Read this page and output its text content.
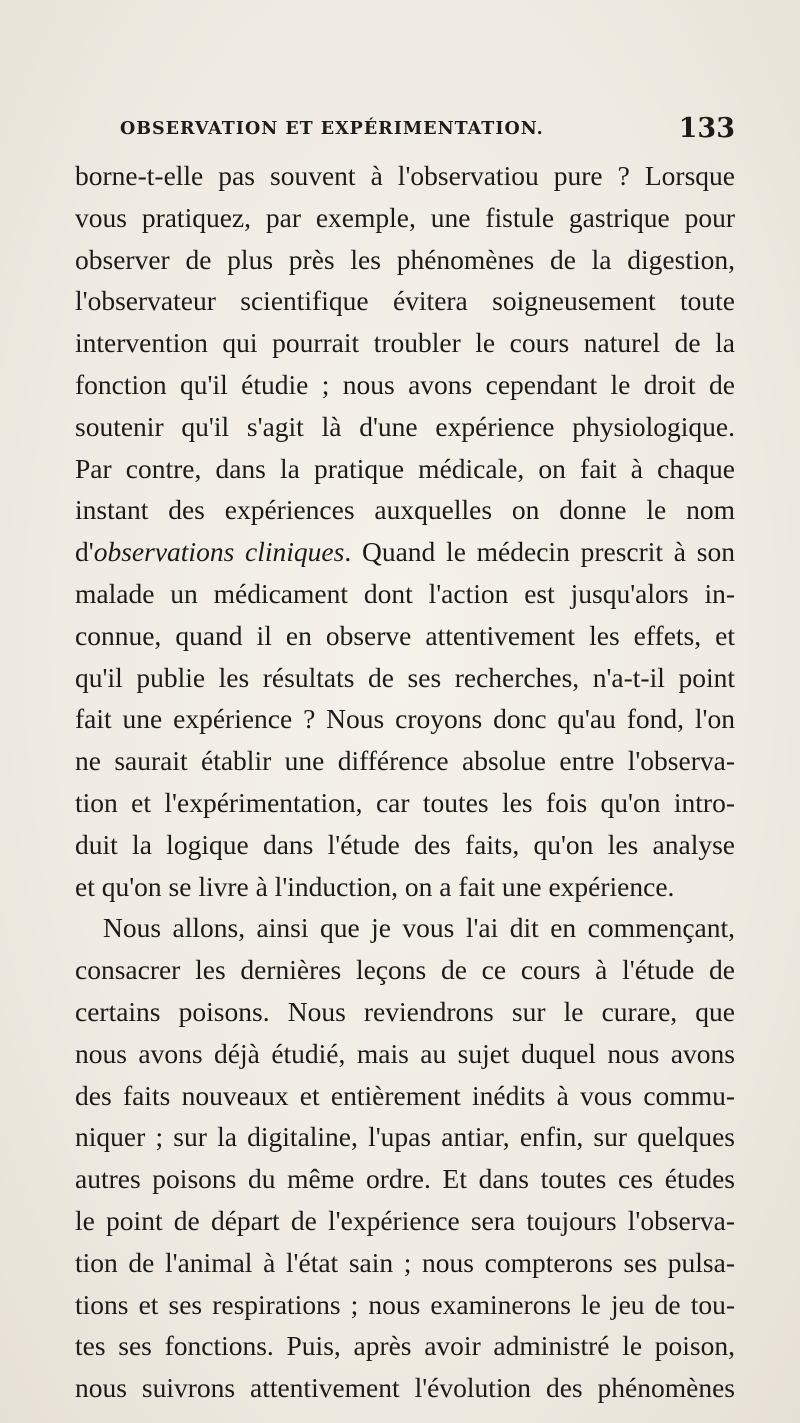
OBSERVATION ET EXPÉRIMENTATION.	133
borne-t-elle pas souvent à l'observatiou pure ? Lorsque
vous pratiquez, par exemple, une fistule gastrique pour
observer de plus près les phénomènes de la digestion,
l'observateur scientifique évitera soigneusement toute
intervention qui pourrait troubler le cours naturel de la
fonction qu'il étudie ; nous avons cependant le droit de
soutenir qu'il s'agit là d'une expérience physiologique.
Par contre, dans la pratique médicale, on fait à chaque
instant des expériences auxquelles on donne le nom
d'observations cliniques. Quand le médecin prescrit à son
malade un médicament dont l'action est jusqu'alors in-
connue, quand il en observe attentivement les effets, et
qu'il publie les résultats de ses recherches, n'a-t-il point
fait une expérience ? Nous croyons donc qu'au fond, l'on
ne saurait établir une différence absolue entre l'observa-
tion et l'expérimentation, car toutes les fois qu'on intro-
duit la logique dans l'étude des faits, qu'on les analyse
et qu'on se livre à l'induction, on a fait une expérience.
Nous allons, ainsi que je vous l'ai dit en commençant,
consacrer les dernières leçons de ce cours à l'étude de
certains poisons. Nous reviendrons sur le curare, que
nous avons déjà étudié, mais au sujet duquel nous avons
des faits nouveaux et entièrement inédits à vous commu-
niquer ; sur la digitaline, l'upas antiar, enfin, sur quelques
autres poisons du même ordre. Et dans toutes ces études
le point de départ de l'expérience sera toujours l'observa-
tion de l'animal à l'état sain ; nous compterons ses pulsa-
tions et ses respirations ; nous examinerons le jeu de tou-
tes ses fonctions. Puis, après avoir administré le poison,
nous suivrons attentivement l'évolution des phénomènes
